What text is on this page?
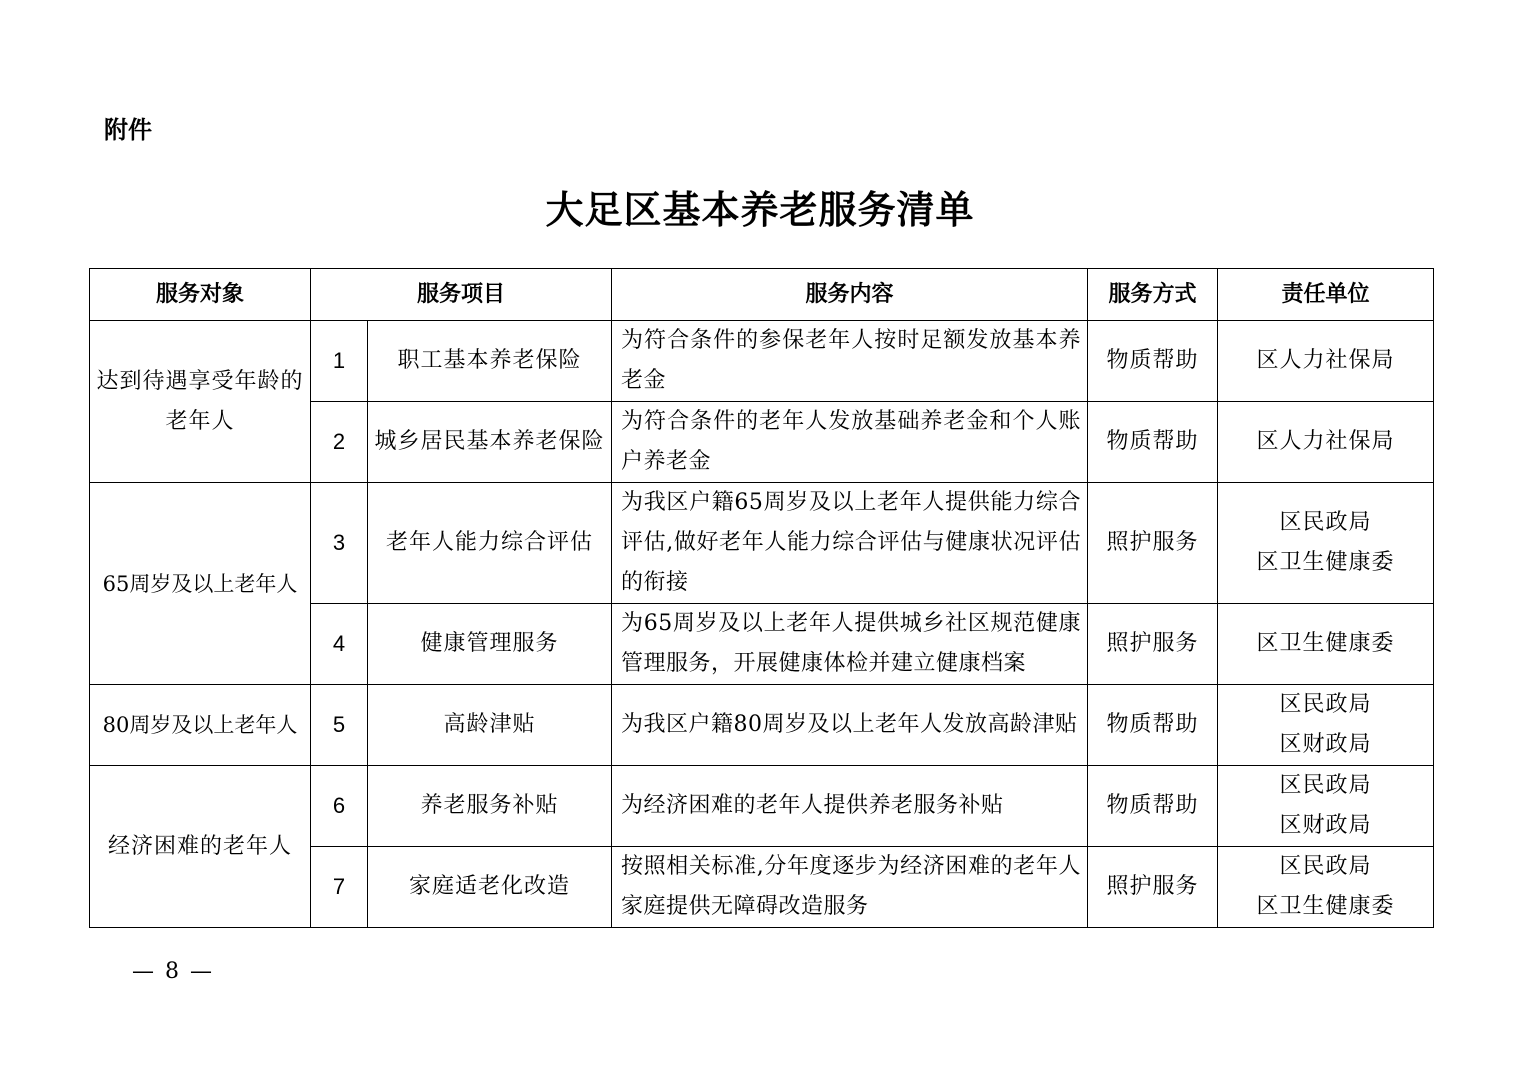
附件
大足区基本养老服务清单
服务对象	服务项目		服务内容	服务方式	责任单位
达到待遇享受年龄的老年人	1	职工基本养老保险	为符合条件的参保老年人按时足额发放基本养老金	物质帮助	区人力社保局

	2	城乡居民基本养老保险	为符合条件的老年人发放基础养老金和个人账户养老金	物质帮助	区人力社保局

65周岁及以上老年人	3	老年人能力综合评估	为我区户籍65周岁及以上老年人提供能力综合评估,做好老年人能力综合评估与健康状况评估的衔接	照护服务	区民政局
区卫生健康委

	4	健康管理服务	为65周岁及以上老年人提供城乡社区规范健康管理服务，开展健康体检并建立健康档案	照护服务	区卫生健康委

80周岁及以上老年人	5	高龄津贴	为我区户籍80周岁及以上老年人发放高龄津贴	物质帮助	区民政局
区财政局

经济困难的老年人	6	养老服务补贴	为经济困难的老年人提供养老服务补贴	物质帮助	区民政局
区财政局

	7	家庭适老化改造	按照相关标准,分年度逐步为经济困难的老年人家庭提供无障碍改造服务	照护服务	区民政局
区卫生健康委
— 8 —
